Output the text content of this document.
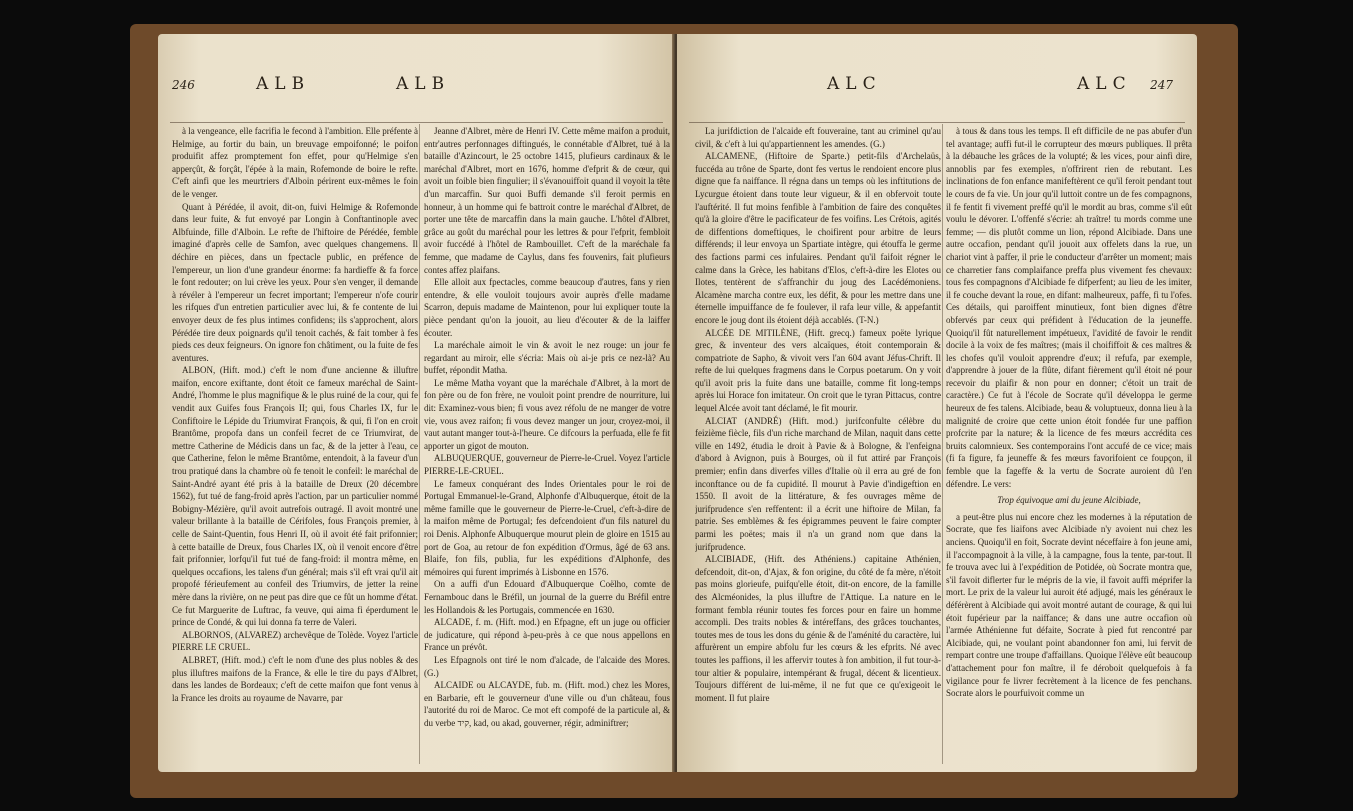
246	ALB	ALB

à la vengeance, elle facrifia le fecond à l'ambition. Elle préfente à Helmige, au fortir du bain, un breuvage empoifonné; le poifon produifit affez promptement fon effet, pour qu'Helmige s'en apperçût, & forçât, l'épée à la main, Rofemonde de boire le refte. C'eft ainfi que les meurtriers d'Alboin périrent eux-mêmes le foin de le venger.

Quant à Pérédée, il avoit, dit-on, fuivi Helmige & Rofemonde dans leur fuite, & fut envoyé par Longin à Conftantinople avec Albfuinde, fille d'Alboin. Le refte de l'hiftoire de Pérédée, femble imaginé d'après celle de Samfon, avec quelques changemens. Il déchire en pièces, dans un fpectacle public, en préfence de l'empereur, un lion d'une grandeur énorme: fa hardieffe & fa force le font redouter; on lui crève les yeux. Pour s'en venger, il demande à révéler à l'empereur un fecret important; l'empereur n'ofe courir les rifques d'un entretien particulier avec lui, & fe contente de lui envoyer deux de fes plus intimes confidens; ils s'approchent, alors Pérédée tire deux poignards qu'il tenoit cachés, & fait tomber à fes pieds ces deux feigneurs. On ignore fon châtiment, ou la fuite de fes aventures.

ALBON, (Hift. mod.) c'eft le nom d'une ancienne & illuftre maifon, encore exiftante, dont étoit ce fameux maréchal de Saint-André, l'homme le plus magnifique & le plus ruiné de la cour, qui fe vendit aux Guifes fous François II; qui, fous Charles IX, fur le Confiftoire le Lépide du Triumvirat François, & qui, fi l'on en croit Brantôme, propofa dans un confeil fecret de ce Triumvirat, de mettre Catherine de Médicis dans un fac, & de la jetter à l'eau, ce que Catherine, felon le même Brantôme, entendoit, à la faveur d'un trou pratiqué dans la chambre où fe tenoit le confeil: le maréchal de Saint-André ayant été pris à la bataille de Dreux (20 décembre 1562), fut tué de fang-froid après l'action, par un particulier nommé Bobigny-Mézière, qu'il avoit autrefois outragé. Il avoit montré une valeur brillante à la bataille de Cérifoles, fous François premier, à celle de Saint-Quentin, fous Henri II, où il avoit été fait prifonnier; à cette bataille de Dreux, fous Charles IX, où il venoit encore d'être fait prifonnier, lorfqu'il fut tué de fang-froid: il montra même, en quelques occafions, les talens d'un général; mais s'il eft vrai qu'il ait propofé férieufement au confeil des Triumvirs, de jetter la reine mère dans la rivière, on ne peut pas dire que ce fût un homme d'état. Ce fut Marguerite de Luftrac, fa veuve, qui aima fi éperdument le prince de Condé, & qui lui donna fa terre de Valeri.

ALBORNOS, (ALVAREZ) archevêque de Tolède. Voyez l'article PIERRE LE CRUEL.

ALBRET, (Hift. mod.) c'eft le nom d'une des plus nobles & des plus illuftres maifons de la France, & elle le tire du pays d'Albret, dans les landes de Bordeaux; c'eft de cette maifon que font venus à la France les droits au royaume de Navarre, par

Jeanne d'Albret, mère de Henri IV. Cette même maifon a produit, entr'autres perfonnages diftingués, le connétable d'Albret, tué à la bataille d'Azincourt, le 25 octobre 1415, plufieurs cardinaux & le maréchal d'Albret, mort en 1676, homme d'efprit & de cœur, qui avoit un foible bien fingulier; il s'évanouiffoit quand il voyoit la tête d'un marcaffin. Sur quoi Buffi demande s'il feroit permis en honneur, à un homme qui fe battroit contre le maréchal d'Albret, de porter une tête de marcaffin dans la main gauche. L'hôtel d'Albret, grâce au goût du maréchal pour les lettres & pour l'efprit, fembloit avoir fuccédé à l'hôtel de Rambouillet. C'eft de la maréchale fa femme, que madame de Caylus, dans fes fouvenirs, fait plufieurs contes affez plaifans.

Elle alloit aux fpectacles, comme beaucoup d'autres, fans y rien entendre, & elle vouloit toujours avoir auprès d'elle madame Scarron, depuis madame de Maintenon, pour lui expliquer toute la pièce pendant qu'on la jouoit, au lieu d'écouter & de la laiffer écouter.

La maréchale aimoit le vin & avoit le nez rouge: un jour fe regardant au miroir, elle s'écria: Mais où ai-je pris ce nez-là? Au buffet, répondit Matha.

Le même Matha voyant que la maréchale d'Albret, à la mort de fon père ou de fon frère, ne vouloit point prendre de nourriture, lui dit: Examinez-vous bien; fi vous avez réfolu de ne manger de votre vie, vous avez raifon; fi vous devez manger un jour, croyez-moi, il vaut autant manger tout-à-l'heure. Ce difcours la perfuada, elle fe fit apporter un gigot de mouton.

ALBUQUERQUE, gouverneur de Pierre-le-Cruel. Voyez l'article PIERRE-LE-CRUEL.

Le fameux conquérant des Indes Orientales pour le roi de Portugal Emmanuel-le-Grand, Alphonfe d'Albuquerque, étoit de la même famille que le gouverneur de Pierre-le-Cruel, c'eft-à-dire de la maifon même de Portugal; fes defcendoient d'un fils naturel du roi Denis. Alphonfe Albuquerque mourut plein de gloire en 1515 au port de Goa, au retour de fon expédition d'Ormus, âgé de 63 ans. Blaife, fon fils, publia, fur les expéditions d'Alphonfe, des mémoires qui furent imprimés à Lisbonne en 1576.

On a auffi d'un Edouard d'Albuquerque Coëlho, comte de Fernambouc dans le Bréfil, un journal de la guerre du Bréfil entre les Hollandois & les Portugais, commencée en 1630.

ALCADE, f. m. (Hift. mod.) en Efpagne, eft un juge ou officier de judicature, qui répond à-peu-près à ce que nous appellons en France un prévôt.

Les Efpagnols ont tiré le nom d'alcade, de l'alcaide des Mores. (G.)

ALCAIDE ou ALCAYDE, fub. m. (Hift. mod.) chez les Mores, en Barbarie, eft le gouverneur d'une ville ou d'un château, fous l'autorité du roi de Maroc. Ce mot eft compofé de la particule al, & du verbe קיד, kad, ou akad, gouverner, régir, adminiftrer;

ALC	ALC 247

La jurifdiction de l'alcaide eft fouveraine, tant au criminel qu'au civil, & c'eft à lui qu'appartiennent les amendes. (G.)

ALCAMENE, (Hiftoire de Sparte.) petit-fils d'Archelaüs, fuccéda au trône de Sparte, dont fes vertus le rendoient encore plus digne que fa naiffance. Il régna dans un temps où les inftitutions de Lycurgue étoient dans toute leur vigueur, & il en obfervoit toute l'auftérité. Il fut moins fenfible à l'ambition de faire des conquêtes qu'à la gloire d'être le pacificateur de fes voifins. Les Crétois, agités de diffentions domeftiques, le choifirent pour arbitre de leurs différends; il leur envoya un Spartiate intègre, qui étouffa le germe des factions parmi ces infulaires. Pendant qu'il faifoit régner le calme dans la Grèce, les habitans d'Elos, c'eft-à-dire les Elotes ou Ilotes, tentèrent de s'affranchir du joug des Lacédémoniens. Alcamène marcha contre eux, les défit, & pour les mettre dans une éternelle impuiffance de fe foulever, il rafa leur ville, & appefantit encore le joug dont ils étoient déjà accablés. (T-N.)

ALCÉE DE MITILÈNE, (Hift. grecq.) fameux poëte lyrique grec, & inventeur des vers alcaïques, étoit contemporain & compatriote de Sapho, & vivoit vers l'an 604 avant Jéfus-Chrift. Il refte de lui quelques fragmens dans le Corpus poetarum. On y voit qu'il avoit pris la fuite dans une bataille, comme fit long-temps après lui Horace fon imitateur. On croit que le tyran Pittacus, contre lequel Alcée avoit tant déclamé, le fit mourir.

ALCIAT (ANDRÉ) (Hift. mod.) jurifconfulte célèbre du feizième fiècle, fils d'un riche marchand de Milan, naquit dans cette ville en 1492, étudia le droit à Pavie & à Bologne, & l'enfeigna d'abord à Avignon, puis à Bourges, où il fut attiré par François premier; enfin dans diverfes villes d'Italie où il erra au gré de fon inconftance ou de fa cupidité. Il mourut à Pavie d'indigeftion en 1550. Il avoit de la littérature, & fes ouvrages même de jurifprudence s'en reffentent: il a écrit une hiftoire de Milan, fa patrie. Ses emblèmes & fes épigrammes peuvent le faire compter parmi les poëtes; mais il n'a un grand nom que dans la jurifprudence.

ALCIBIADE, (Hift. des Athéniens.) capitaine Athénien, defcendoit, dit-on, d'Ajax, & fon origine, du côté de fa mère, n'étoit pas moins glorieufe, puifqu'elle étoit, dit-on encore, de la famille des Alcméonides, la plus illuftre de l'Attique. La nature en le formant fembla réunir toutes fes forces pour en faire un homme accompli. Des traits nobles & intéreffans, des grâces touchantes, toutes mes de tous les dons du génie & de l'aménité du caractère, lui affurèrent un empire abfolu fur les cœurs & les efprits. Né avec toutes les paffions, il les afferviт toutes à fon ambition, il fut tour-à-tour altier & populaire, intempérant & frugal, décent & licentieux. Toujours différent de lui-même, il ne fut que ce qu'exigeoit le moment. Il fut plaire

à tous & dans tous les temps. Il eft difficile de ne pas abufer d'un tel avantage; auffi fut-il le corrupteur des mœurs publiques. Il prêta à la débauche les grâces de la volupté; & les vices, pour ainfi dire, annoblis par fes exemples, n'offrirent rien de rebutant. Les inclinations de fon enfance manifeftèrent ce qu'il feroit pendant tout le cours de fa vie. Un jour qu'il luttoit contre un de fes compagnons, il fe fentit fi vivement preffé qu'il le mordit au bras, comme s'il eût voulu le dévorer. L'offenfé s'écrie: ah traître! tu mords comme une femme; — dis plutôt comme un lion, répond Alcibiade. Dans une autre occafion, pendant qu'il jouoit aux offelets dans la rue, un chariot vint à paffer, il prie le conducteur d'arrêter un moment; mais ce charretier fans complaifance preffa plus vivement fes chevaux: tous fes compagnons d'Alcibiade fe difperfent; au lieu de les imiter, il fe couche devant la roue, en difant: malheureux, paffe, fi tu l'ofes. Ces détails, qui paroiffent minutieux, font bien dignes d'être obfervés par ceux qui préfident à l'éducation de la jeuneffe. Quoiqu'il fût naturellement impétueux, l'avidité de favoir le rendit docile à la voix de fes maîtres; (mais il choififfoit & ces maîtres & les chofes qu'il vouloit apprendre d'eux; il refufa, par exemple, d'apprendre à jouer de la flûte, difant fièrement qu'il étoit né pour recevoir du plaifir & non pour en donner; c'étoit un trait de caractère.) Ce fut à l'école de Socrate qu'il développa le germe heureux de fes talens. Alcibiade, beau & voluptueux, donna lieu à la malignité de croire que cette union étoit fondée fur une paffion profcrite par la nature; & la licence de fes mœurs accrédita ces bruits calomnieux. Ses contemporains l'ont accufé de ce vice; mais (fi fa figure, fa jeuneffe & fes mœurs favorifoient ce foupçon, il femble que la fageffe & la vertu de Socrate auroient dû l'en défendre. Le vers:

Trop équivoque ami du jeune Alcibiade,

a peut-être plus nui encore chez les modernes à la réputation de Socrate, que fes liaifons avec Alcibiade n'y avoient nui chez les anciens. Quoiqu'il en foit, Socrate devint néceffaire à fon jeune ami, il l'accompagnoit à la ville, à la campagne, fous la tente, par-tout. Il fe trouva avec lui à l'expédition de Potidée, où Socrate montra que, s'il favoit diflerter fur le mépris de la vie, il favoit auffi méprifer la mort. Le prix de la valeur lui auroit été adjugé, mais les généraux le déférèrent à Alcibiade qui avoit montré autant de courage, & qui lui étoit fupérieur par la naiffance; & dans une autre occafion où l'armée Athénienne fut défaite, Socrate à pied fut rencontré par Alcibiade, qui, ne voulant point abandonner fon ami, lui fervit de rempart contre une troupe d'affaillans. Quoique l'élève eût beaucoup d'attachement pour fon maître, il fe déroboit quelquefois à fa vigilance pour fe livrer fecrètement à la licence de fes penchans. Socrate alors le pourfuivoit comme un
